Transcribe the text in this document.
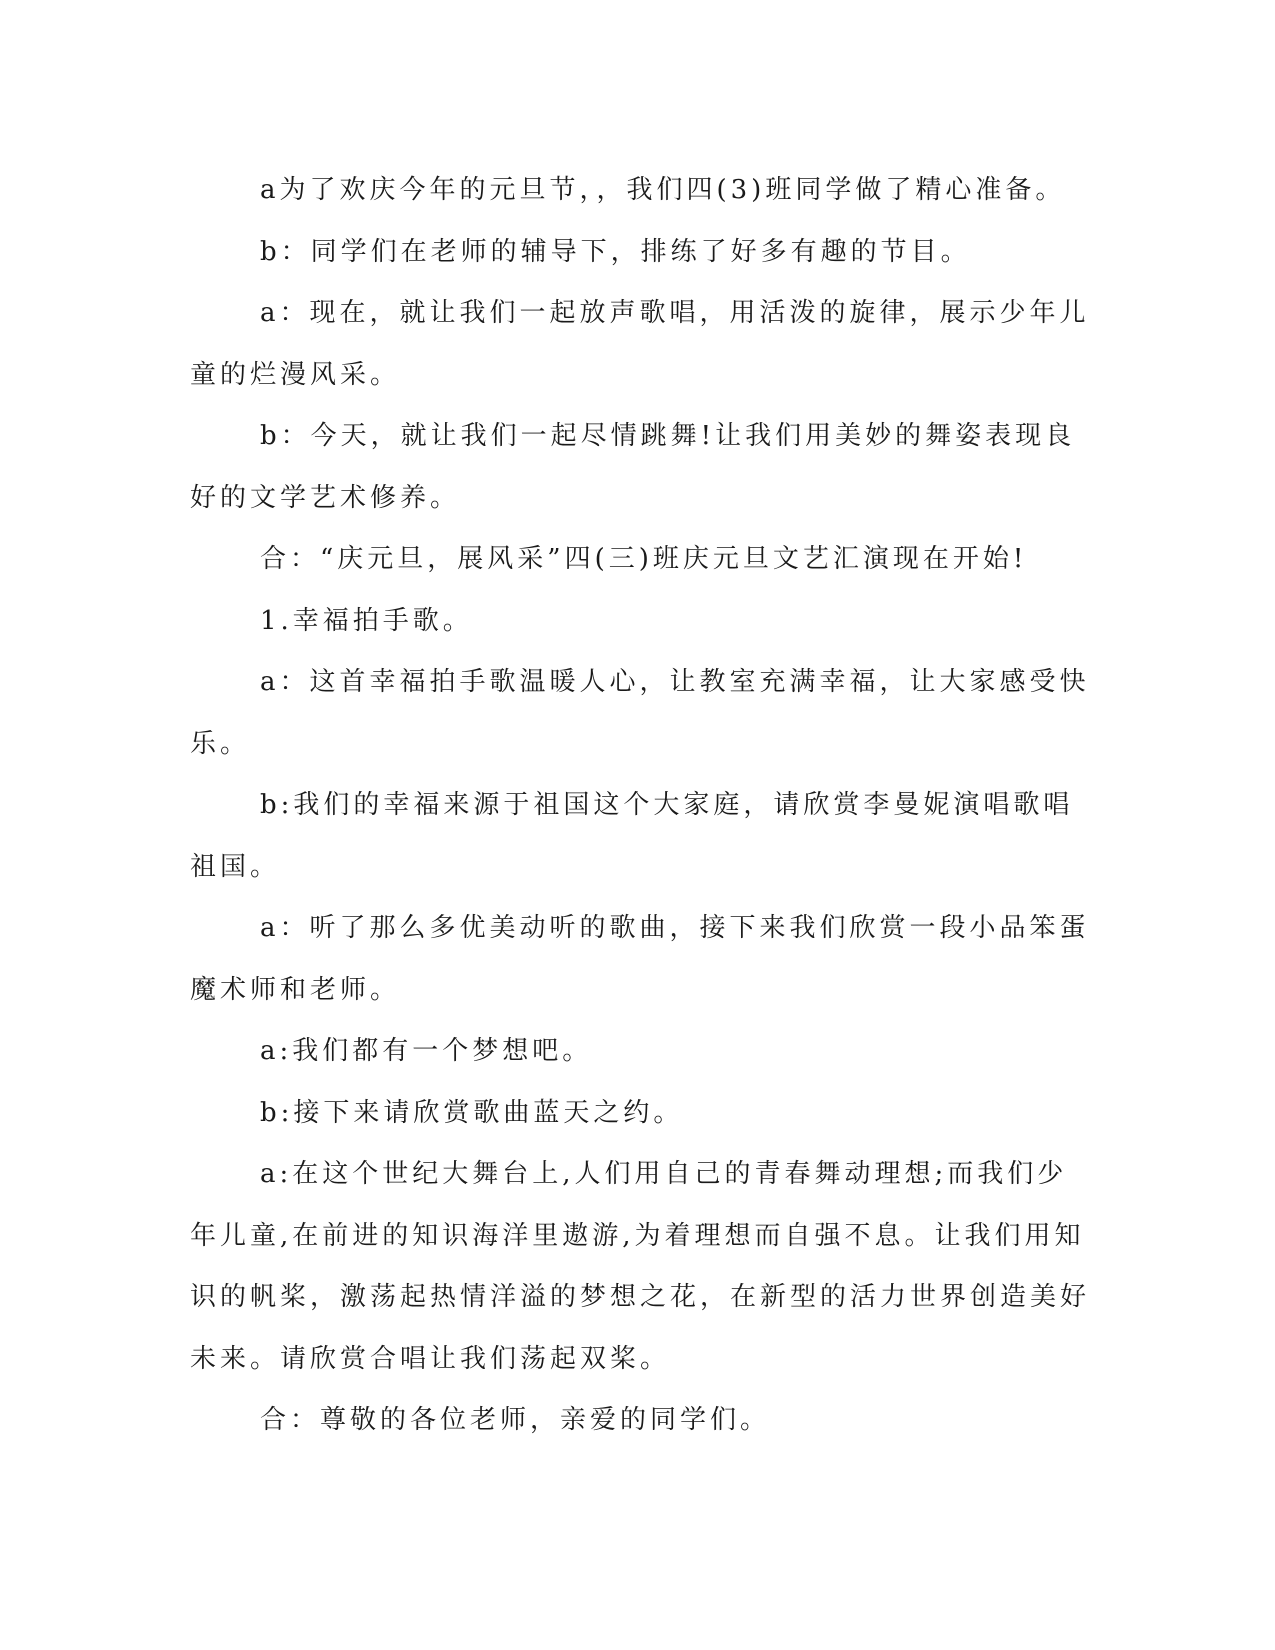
a为了欢庆今年的元旦节，，我们四(3)班同学做了精心准备。

b：同学们在老师的辅导下，排练了好多有趣的节目。

a：现在，就让我们一起放声歌唱，用活泼的旋律，展示少年儿童的烂漫风采。

b：今天，就让我们一起尽情跳舞!让我们用美妙的舞姿表现良好的文学艺术修养。

合：“庆元旦，展风采”四(三)班庆元旦文艺汇演现在开始!

1.幸福拍手歌。

a：这首幸福拍手歌温暖人心，让教室充满幸福，让大家感受快乐。

b:我们的幸福来源于祖国这个大家庭，请欣赏李曼妮演唱歌唱祖国。

a：听了那么多优美动听的歌曲，接下来我们欣赏一段小品笨蛋魔术师和老师。

a:我们都有一个梦想吧。

b:接下来请欣赏歌曲蓝天之约。

a:在这个世纪大舞台上,人们用自己的青春舞动理想;而我们少年儿童,在前进的知识海洋里遨游,为着理想而自强不息。让我们用知识的帆桨，激荡起热情洋溢的梦想之花，在新型的活力世界创造美好未来。请欣赏合唱让我们荡起双桨。

合：尊敬的各位老师，亲爱的同学们。
